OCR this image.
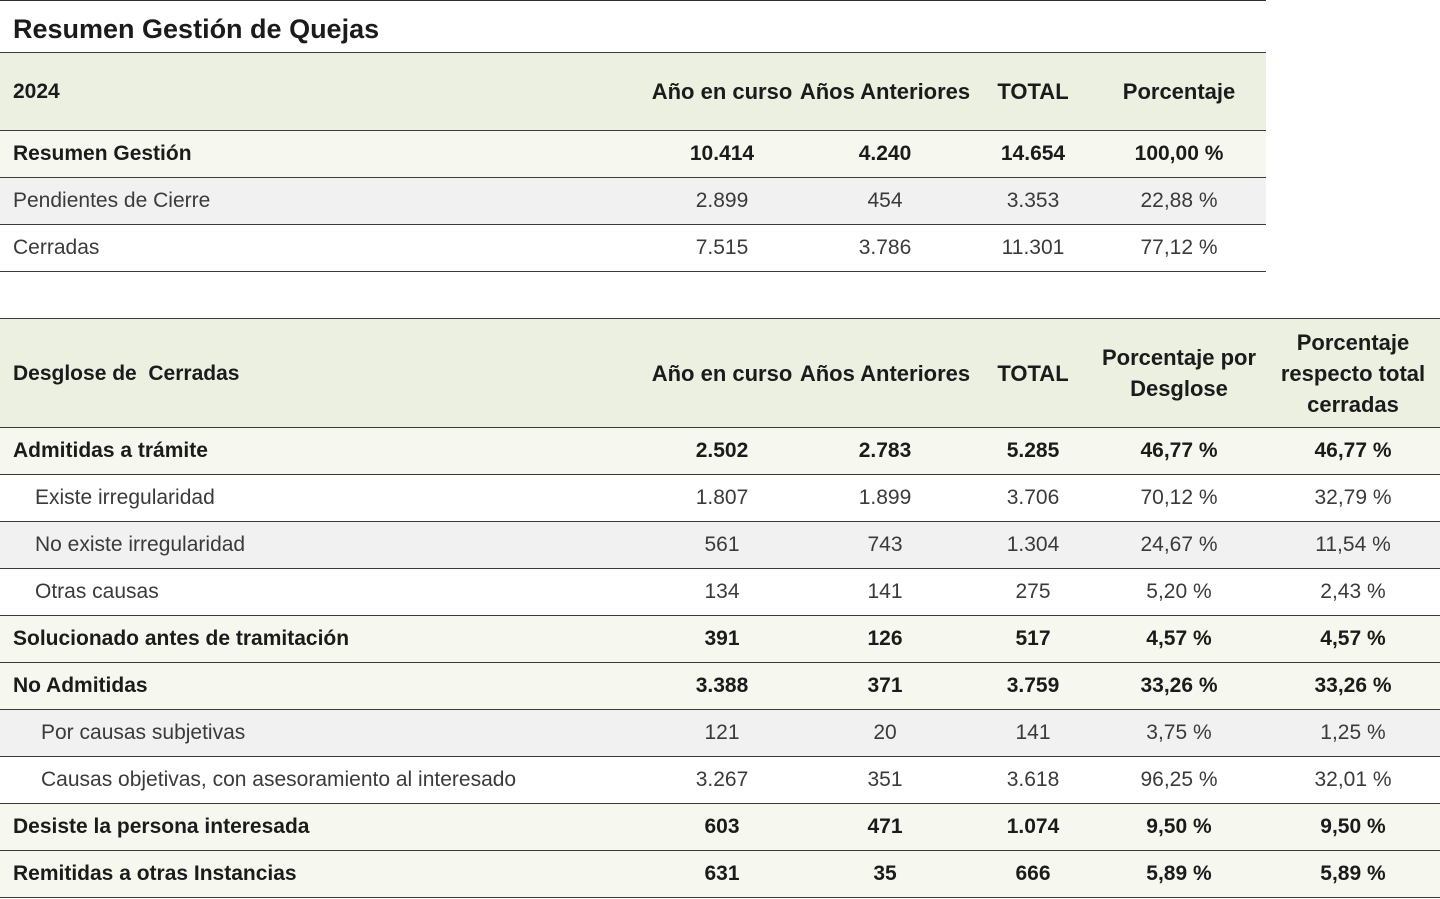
Resumen Gestión de Quejas				
2024	Año en curso	Años Anteriores	TOTAL	Porcentaje
Resumen Gestión	10.414	4.240	14.654	100,00 %
Pendientes de Cierre	2.899	454	3.353	22,88 %
Cerradas	7.515	3.786	11.301	77,12 %
Desglose de  Cerradas	Año en curso	Años Anteriores	TOTAL	Porcentaje por Desglose	Porcentaje respecto total cerradas
Admitidas a trámite	2.502	2.783	5.285	46,77 %	46,77 %
Existe irregularidad	1.807	1.899	3.706	70,12 %	32,79 %
No existe irregularidad	561	743	1.304	24,67 %	11,54 %
Otras causas	134	141	275	5,20 %	2,43 %
Solucionado antes de tramitación	391	126	517	4,57 %	4,57 %
No Admitidas	3.388	371	3.759	33,26 %	33,26 %
Por causas subjetivas	121	20	141	3,75 %	1,25 %
Causas objetivas, con asesoramiento al interesado	3.267	351	3.618	96,25 %	32,01 %
Desiste la persona interesada	603	471	1.074	9,50 %	9,50 %
Remitidas a otras Instancias	631	35	666	5,89 %	5,89 %
